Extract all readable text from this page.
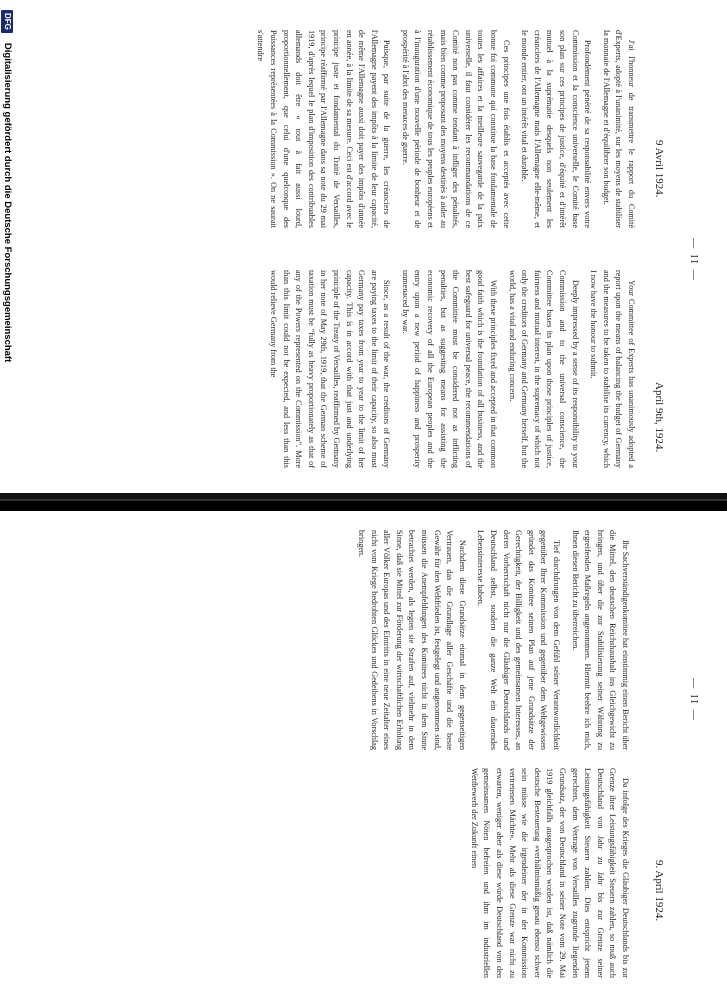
DFG
Digitalisierung gefördert durch die Deutsche Forschungsgemeinschaft	— II —
9 Avril 1924.

J'ai l'honneur de transmettre le rapport du Comité d'Experts, adopté à l'unanimité, sur les moyens de stabiliser la monnaie de l'Allemagne et d'équilibrer son budget.

Profondément pénétré de sa responsabilité envers votre Commission et la conscience universelle, le Comité base son plan sur ces principes de justice, d'équité et d'intérêt mutuel à la suprématie desquels non seulement les créanciers de l'Allemagne mais l'Allemagne elle-même, et le monde entier, ont un intérêt vital et durable.

Ces principes une fois établis et acceptés avec cette bonne foi commune qui constitue la base fondamentale de toutes les affaires et la meilleure sauvegarde de la paix universelle, il faut considérer les recommandations de ce Comité non pas comme tendant à infliger des pénalités, mais bien comme proposant des moyens destinés à aider au rétablissement économique de tous les peuples européens et à l'inauguration d'une nouvelle période de bonheur et de prospérité à l'abri des menaces de guerre.

Puisque, par suite de la guerre, les créanciers de l'Allemagne payent des impôts à la limite de leur capacité, de même l'Allemagne aussi doit payer des impôts d'année en année, à la limite de sa mesure. Ceci est d'accord avec le principe juste et fondamental du Traité de Versailles, principe réaffirmé par l'Allemagne dans sa note du 29 mai 1919, d'après lequel le plan d'imposition des contribuables allemands doit être « tout à fait aussi lourd, proportionnellement, que celui d'une quelconque des Puissances représentées à la Commission ». On ne saurait s'attendre

April 9th, 1924.

Your Committee of Experts has unanimously adopted a report upon the means of balancing the budget of Germany and the measures to be taken to stabilise its currency, which I now have the honour to submit.

Deeply impressed by a sense of its responsibility to your Commission and to the universal conscience, the Committee bases its plan upon those principles of justice, fairness and mutual interest, in the supremacy of which not only the creditors of Germany and Germany herself, but the world, has a vital and enduring concern.

With these principles fixed and accepted in that common good faith which is the foundation of all business, and the best safeguard for universal peace, the recommendations of the Committee must be considered not as inflicting penalties, but as suggesting means for assisting the economic recovery of all the European peoples and the entry upon a new period of happiness and prosperity unmenaced by war.

Since, as a result of the war, the creditors of Germany are paying taxes to the limit of their capacity, so also must Germany pay taxes from year to year to the limit of her capacity. This is in accord with that just and underlying principle of the Treaty of Versailles, reaffirmed by Germany in her note of May 29th, 1919, that the German scheme of taxation must be “fully as heavy proportionately as that of any of the Powers represented on the Commission”. More than this limit could not be expected, and less than this would relieve Germany from the

— II —
9. April 1924.

Ihr Sachverständigenkomitee hat einstimmig einen Bericht über die Mittel, den deutschen Reichshaushalt ins Gleichgewicht zu bringen, und über die zur Stabilisierung seiner Währung zu ergreifenden Maßregeln angenommen. Hiermit beehre ich mich, Ihnen diesen Bericht zu überreichen.

Tief durchdrungen von dem Gefühl seiner Verantwortlichkeit gegenüber Ihrer Kommission und gegenüber dem Weltgewissen gründet das Komitee seinen Plan auf jene Grundsätze der Gerechtigkeit, der Billigkeit und des gemeinsamen Interesses, an deren Vorherrschaft nicht nur die Gläubiger Deutschlands und Deutschland selbst, sondern die ganze Welt ein dauerndes Lebensinteresse haben.

Nachdem diese Grundsätze einmal in dem gegenseitigen Vertrauen, das die Grundlage aller Geschäfte und die beste Gewähr für den Weltfrieden ist, festgelegt und angenommen sind, müssen die Anempfehlungen des Komitees nicht in dem Sinne betrachtet werden, als legten sie Strafen auf, vielmehr in dem Sinne, daß sie Mittel zur Förderung der wirtschaftlichen Erholung aller Völker Europas und des Eintritts in eine neue Zeitalter eines nicht vom Kriege bedrohten Glückes und Gedeihens in Vorschlag bringen.

Da infolge des Krieges die Gläubiger Deutschlands bis zur Grenze ihrer Leistungsfähigkeit Steuern zahlen, so muß auch Deutschland von Jahr zu Jahr bis zur Grenze seiner Leistungsfähigkeit Steuern zahlen. Dies entspricht jenem gerechten, dem Vertrage von Versailles zugrunde liegenden Grundsatz, der von Deutschland in seiner Note vom 29. Mai 1919 gleichfalls ausgesprochen worden ist, daß nämlich die deutsche Besteuerung »verhältnismäßig genau ebenso schwer sein müsse wie die irgendeiner der in der Kommission vertretenen Mächte«. Mehr als diese Grenze war nicht zu erwarten, weniger aber als diese würde Deutschland von den gemeinsamen Nöten befreien und ihm im industriellen Wettbewerb der Zukunft einen
